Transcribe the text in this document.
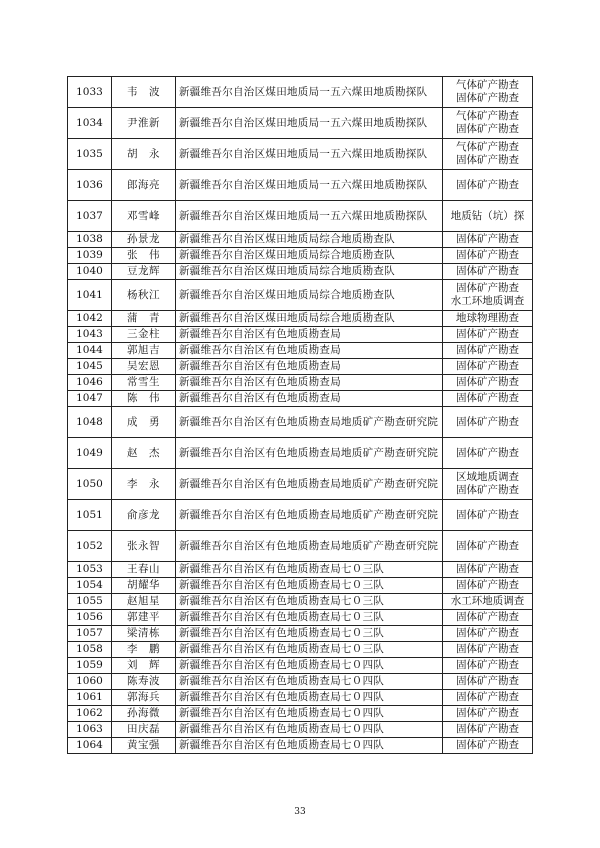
1033	韦　波	新疆维吾尔自治区煤田地质局一五六煤田地质勘探队	气体矿产勘查
固体矿产勘查

1034	尹淮新	新疆维吾尔自治区煤田地质局一五六煤田地质勘探队	气体矿产勘查
固体矿产勘查

1035	胡　永	新疆维吾尔自治区煤田地质局一五六煤田地质勘探队	气体矿产勘查
固体矿产勘查

1036	郎海亮	新疆维吾尔自治区煤田地质局一五六煤田地质勘探队	固体矿产勘查

1037	邓雪峰	新疆维吾尔自治区煤田地质局一五六煤田地质勘探队	地质钻（坑）探

1038	孙景龙	新疆维吾尔自治区煤田地质局综合地质勘查队	固体矿产勘查

1039	张　伟	新疆维吾尔自治区煤田地质局综合地质勘查队	固体矿产勘查

1040	豆龙辉	新疆维吾尔自治区煤田地质局综合地质勘查队	固体矿产勘查

1041	杨秋江	新疆维吾尔自治区煤田地质局综合地质勘查队	固体矿产勘查
水工环地质调查

1042	蒲　青	新疆维吾尔自治区煤田地质局综合地质勘查队	地球物理勘查

1043	三金柱	新疆维吾尔自治区有色地质勘查局	固体矿产勘查

1044	郭旭吉	新疆维吾尔自治区有色地质勘查局	固体矿产勘查

1045	吴宏恩	新疆维吾尔自治区有色地质勘查局	固体矿产勘查

1046	常雪生	新疆维吾尔自治区有色地质勘查局	固体矿产勘查

1047	陈　伟	新疆维吾尔自治区有色地质勘查局	固体矿产勘查

1048	成　勇	新疆维吾尔自治区有色地质勘查局地质矿产勘查研究院	固体矿产勘查

1049	赵　杰	新疆维吾尔自治区有色地质勘查局地质矿产勘查研究院	固体矿产勘查

1050	李　永	新疆维吾尔自治区有色地质勘查局地质矿产勘查研究院	区域地质调查
固体矿产勘查

1051	俞彦龙	新疆维吾尔自治区有色地质勘查局地质矿产勘查研究院	固体矿产勘查

1052	张永智	新疆维吾尔自治区有色地质勘查局地质矿产勘查研究院	固体矿产勘查

1053	王春山	新疆维吾尔自治区有色地质勘查局七０三队	固体矿产勘查

1054	胡耀华	新疆维吾尔自治区有色地质勘查局七０三队	固体矿产勘查

1055	赵旭星	新疆维吾尔自治区有色地质勘查局七０三队	水工环地质调查

1056	郭建平	新疆维吾尔自治区有色地质勘查局七０三队	固体矿产勘查

1057	梁清栋	新疆维吾尔自治区有色地质勘查局七０三队	固体矿产勘查

1058	李　鹏	新疆维吾尔自治区有色地质勘查局七０三队	固体矿产勘查

1059	刘　辉	新疆维吾尔自治区有色地质勘查局七０四队	固体矿产勘查

1060	陈寿波	新疆维吾尔自治区有色地质勘查局七０四队	固体矿产勘查

1061	郭海兵	新疆维吾尔自治区有色地质勘查局七０四队	固体矿产勘查

1062	孙海微	新疆维吾尔自治区有色地质勘查局七０四队	固体矿产勘查

1063	田庆磊	新疆维吾尔自治区有色地质勘查局七０四队	固体矿产勘查

1064	黄宝强	新疆维吾尔自治区有色地质勘查局七０四队	固体矿产勘查
33
